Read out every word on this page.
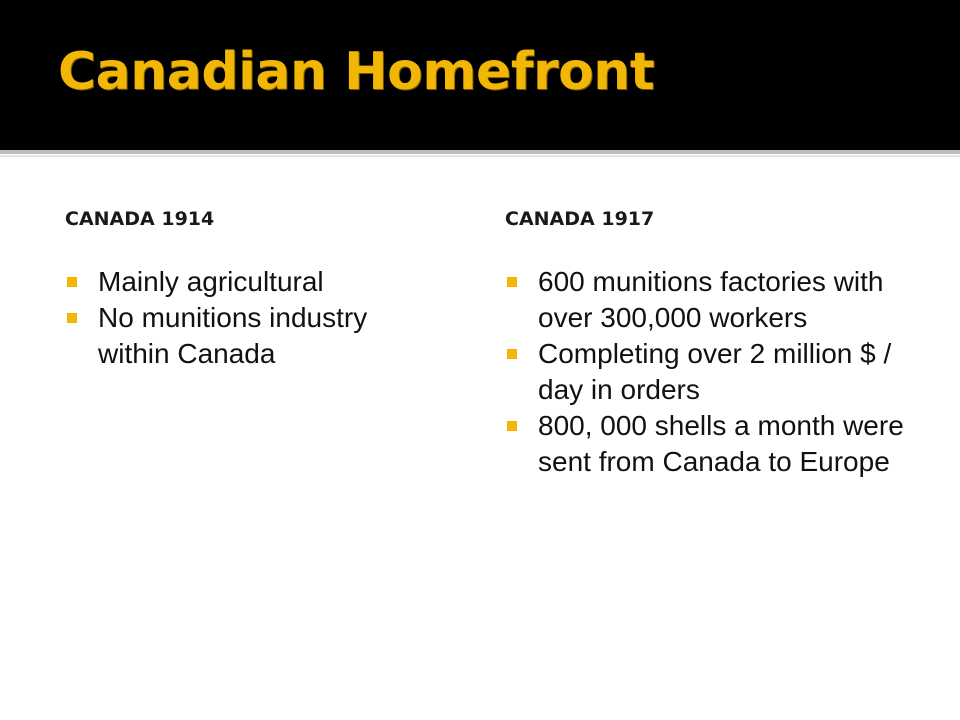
Canadian Homefront
CANADA 1914
Mainly agricultural
No munitions industry within Canada
CANADA 1917
600 munitions factories with over 300,000 workers
Completing over 2 million $ / day in orders
800, 000 shells a month were sent from Canada to Europe
